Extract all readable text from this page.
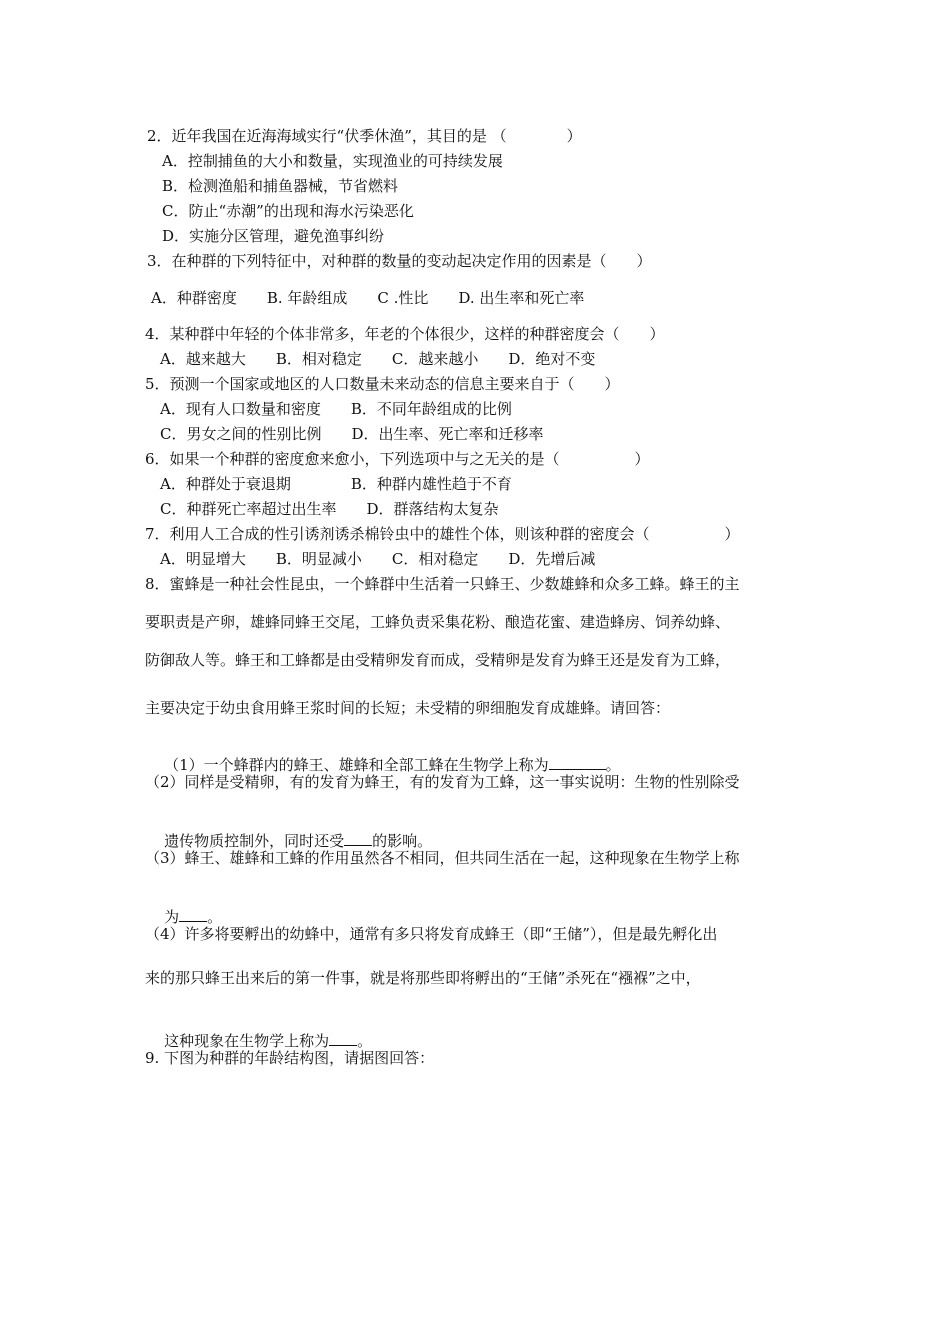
2．近年我国在近海海域实行“伏季休渔”，其目的是 （　　　　）
A．控制捕鱼的大小和数量，实现渔业的可持续发展
B．检测渔船和捕鱼器械，节省燃料
C．防止“赤潮”的出现和海水污染恶化
D．实施分区管理，避免渔事纠纷
3．在种群的下列特征中，对种群的数量的变动起决定作用的因素是（　　）
A．种群密度　　B. 年龄组成　　C .性比　　D. 出生率和死亡率
4．某种群中年轻的个体非常多，年老的个体很少，这样的种群密度会（　　）
A．越来越大　　B．相对稳定　　C．越来越小　　D．绝对不变
5．预测一个国家或地区的人口数量未来动态的信息主要来自于（　　）
A．现有人口数量和密度　　B．不同年龄组成的比例
C．男女之间的性别比例　　D．出生率、死亡率和迁移率
6．如果一个种群的密度愈来愈小，下列选项中与之无关的是（　　　　　）
A．种群处于衰退期　　　　B．种群内雄性趋于不育
C．种群死亡率超过出生率　　D．群落结构太复杂
7．利用人工合成的性引诱剂诱杀棉铃虫中的雄性个体，则该种群的密度会（　　　　　）
A．明显增大　　B．明显减小　　C．相对稳定　　D．先增后减
8．蜜蜂是一种社会性昆虫，一个蜂群中生活着一只蜂王、少数雄蜂和众多工蜂。蜂王的主
要职责是产卵，雄蜂同蜂王交尾，工蜂负责采集花粉、酿造花蜜、建造蜂房、饲养幼蜂、
防御敌人等。蜂王和工蜂都是由受精卵发育而成，受精卵是发育为蜂王还是发育为工蜂，
主要决定于幼虫食用蜂王浆时间的长短；未受精的卵细胞发育成雄蜂。请回答：

（1）一个蜂群内的蜂王、雄蜂和全部工蜂在生物学上称为	。

（2）同样是受精卵，有的发育为蜂王，有的发育为工蜂，这一事实说明：生物的性别除受

遗传物质控制外，同时还受 的影响。

（3）蜂王、雄蜂和工蜂的作用虽然各不相同，但共同生活在一起，这种现象在生物学上称

为 。

（4）许多将要孵出的幼蜂中，通常有多只将发育成蜂王（即“王储”），但是最先孵化出
来的那只蜂王出来后的第一件事，就是将那些即将孵出的“王储”杀死在“襁褓”之中，

这种现象在生物学上称为 。

9. 下图为种群的年龄结构图，请据图回答：
